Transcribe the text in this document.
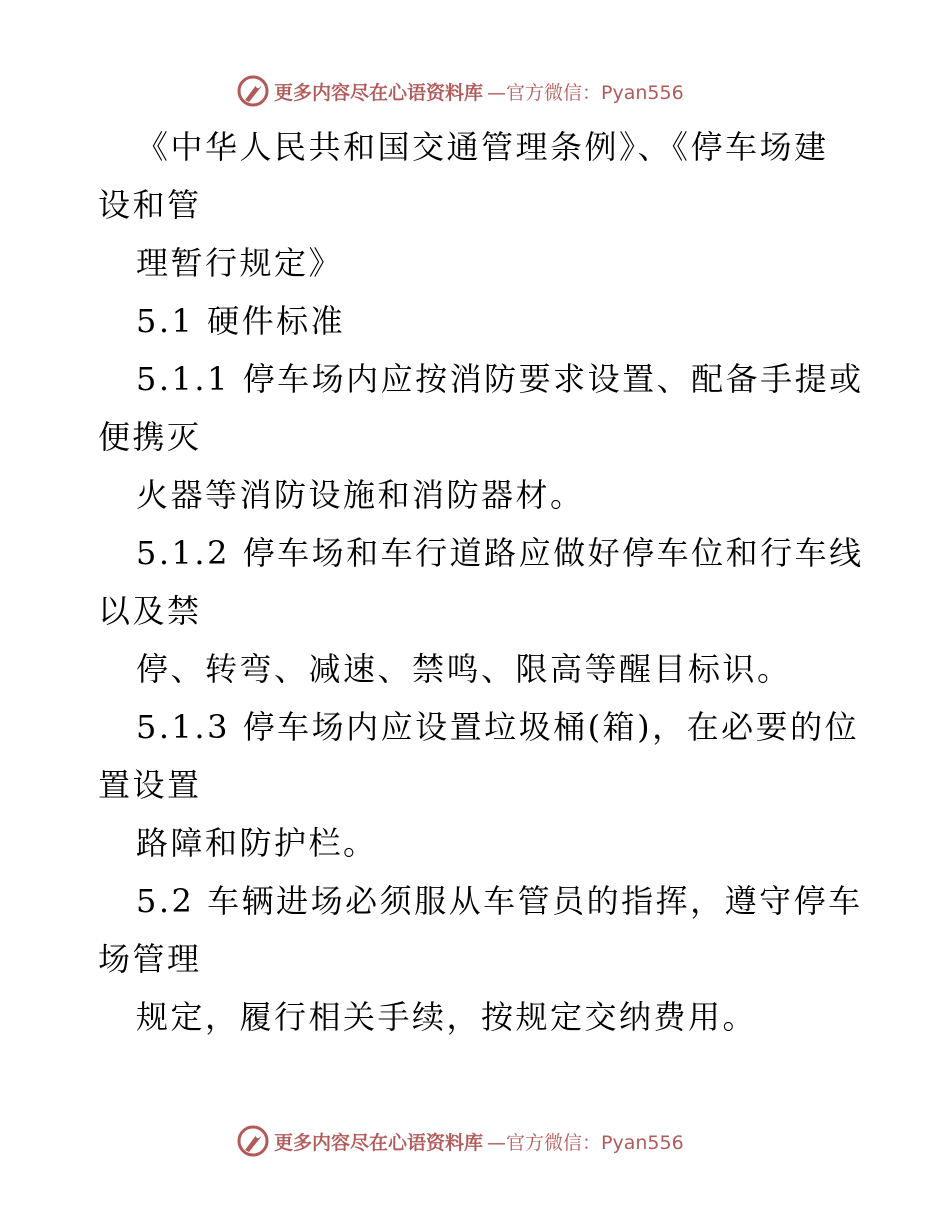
更多内容尽在心语资料库 —官方微信：Pyan556
《中华人民共和国交通管理条例》、《停车场建
设和管
理暂行规定》
5.1 硬件标准
5.1.1 停车场内应按消防要求设置、配备手提或
便携灭
火器等消防设施和消防器材。
5.1.2 停车场和车行道路应做好停车位和行车线
以及禁
停、转弯、减速、禁鸣、限高等醒目标识。
5.1.3 停车场内应设置垃圾桶(箱)，在必要的位
置设置
路障和防护栏。
5.2 车辆进场必须服从车管员的指挥，遵守停车
场管理
规定，履行相关手续，按规定交纳费用。
更多内容尽在心语资料库 —官方微信：Pyan556
